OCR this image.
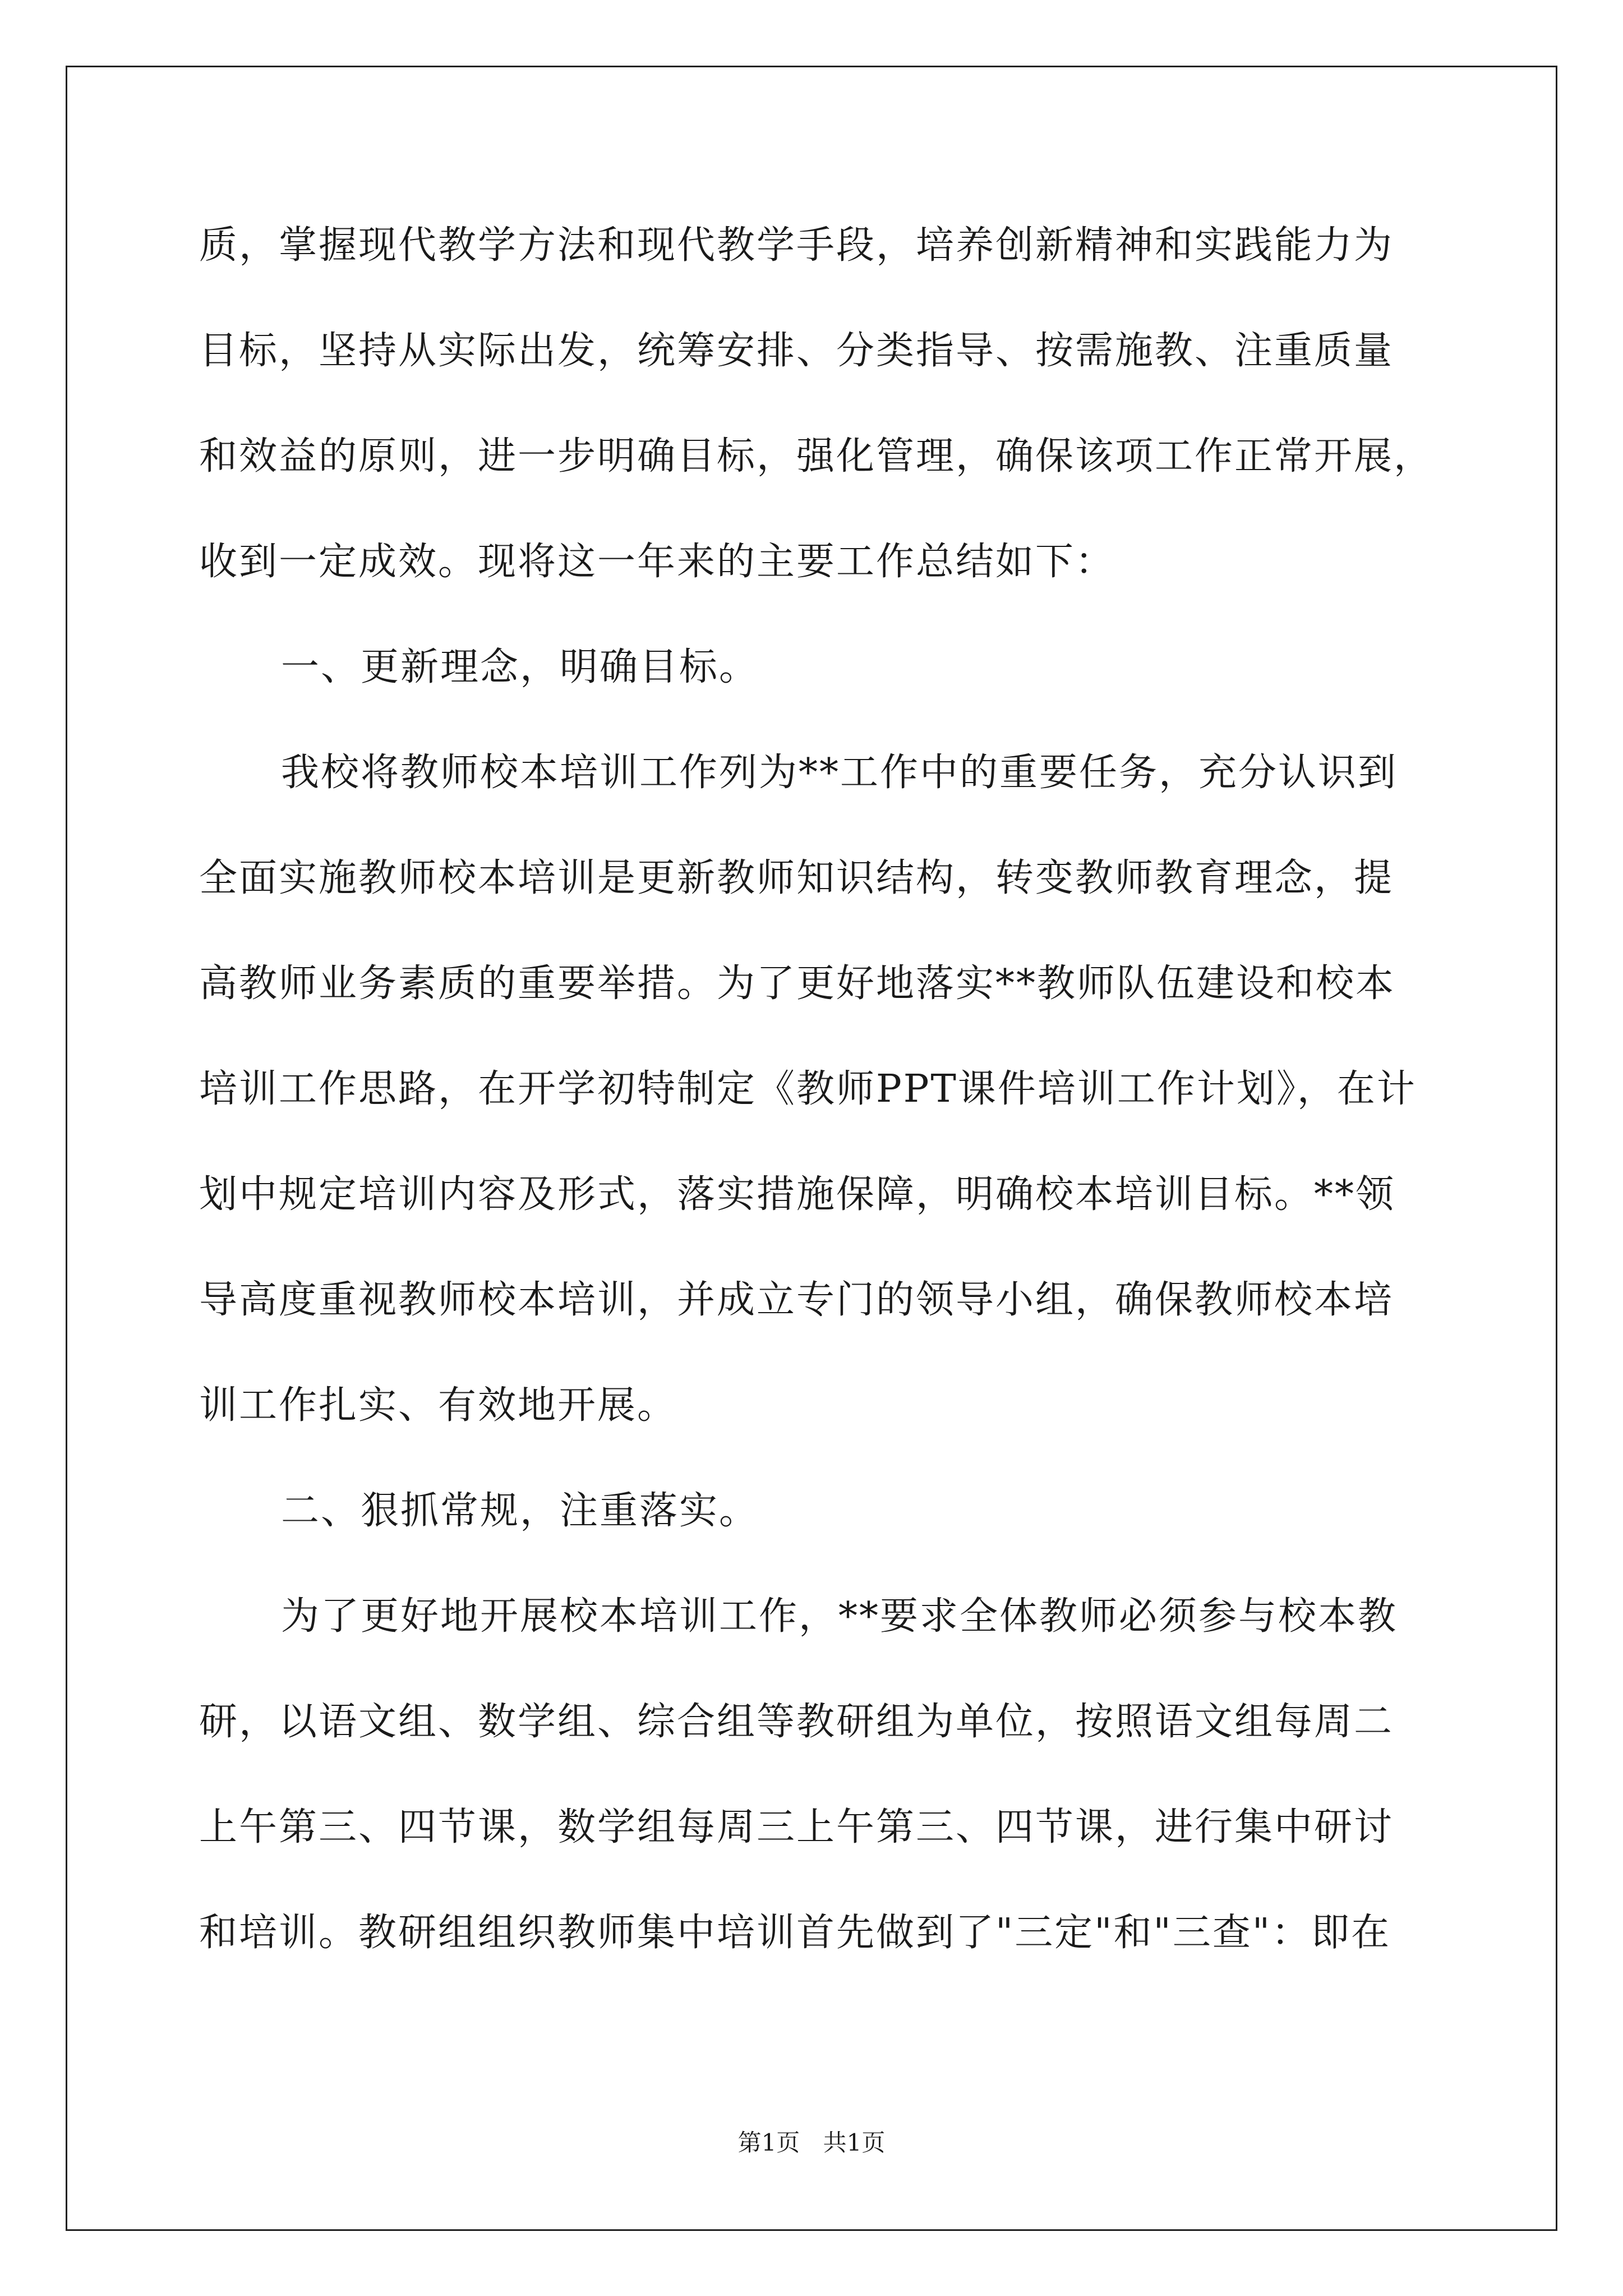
质，掌握现代教学方法和现代教学手段，培养创新精神和实践能力为
目标，坚持从实际出发，统筹安排、分类指导、按需施教、注重质量
和效益的原则，进一步明确目标，强化管理，确保该项工作正常开展，
收到一定成效。现将这一年来的主要工作总结如下：
一、更新理念，明确目标。
我校将教师校本培训工作列为**工作中的重要任务，充分认识到
全面实施教师校本培训是更新教师知识结构，转变教师教育理念，提
高教师业务素质的重要举措。为了更好地落实**教师队伍建设和校本
培训工作思路，在开学初特制定《教师PPT课件培训工作计划》，在计
划中规定培训内容及形式，落实措施保障，明确校本培训目标。**领
导高度重视教师校本培训，并成立专门的领导小组，确保教师校本培
训工作扎实、有效地开展。
二、狠抓常规，注重落实。
为了更好地开展校本培训工作，**要求全体教师必须参与校本教
研，以语文组、数学组、综合组等教研组为单位，按照语文组每周二
上午第三、四节课，数学组每周三上午第三、四节课，进行集中研讨
和培训。教研组组织教师集中培训首先做到了"三定"和"三查"：即在
第1页 共1页
